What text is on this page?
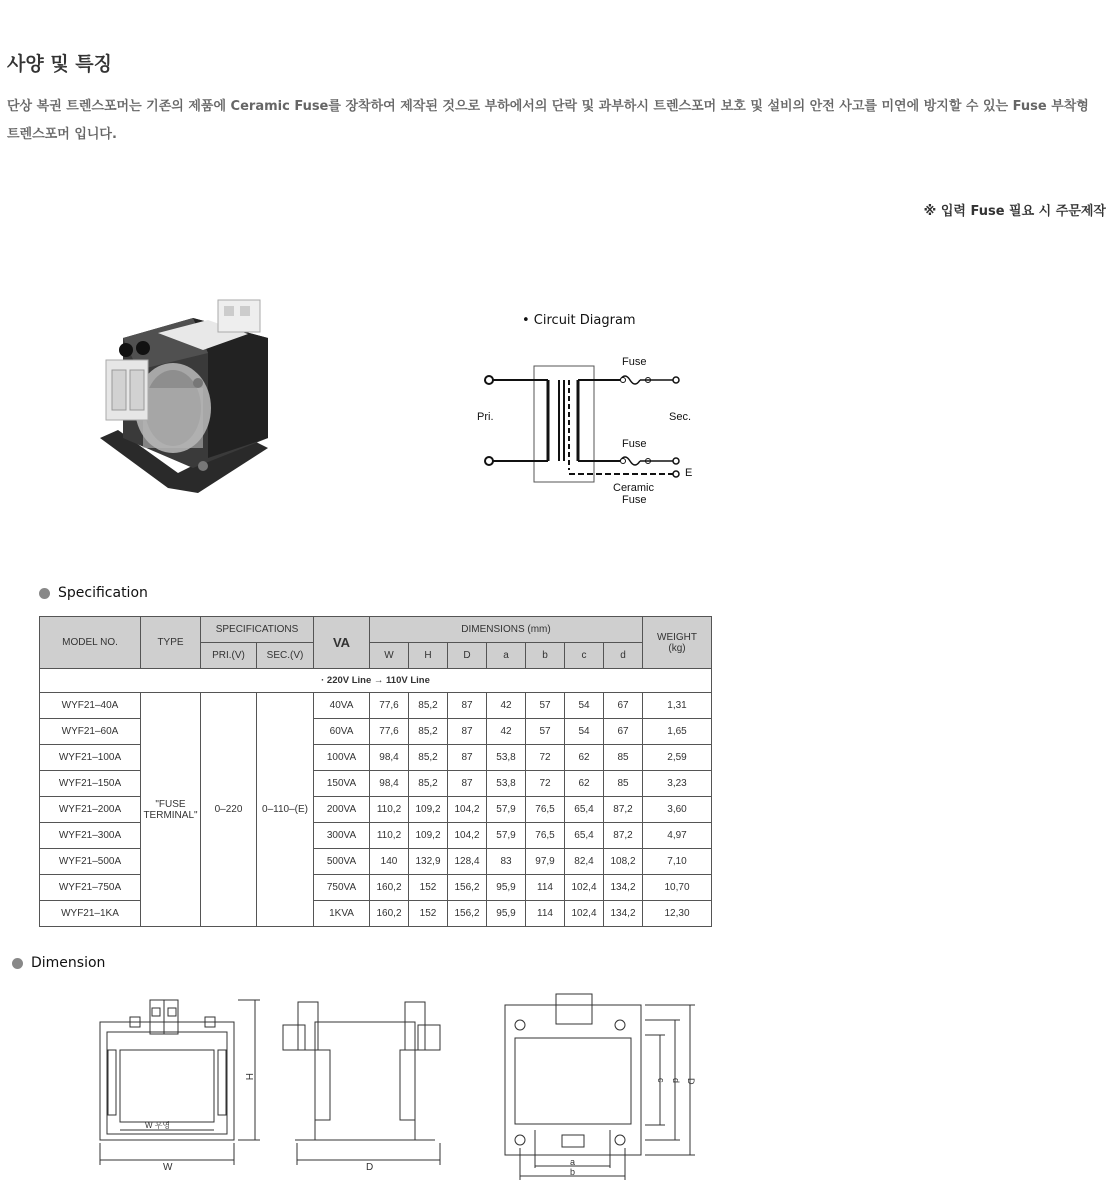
사양 및 특징
단상 복권 트렌스포머는 기존의 제품에 Ceramic Fuse를 장착하여 제작된 것으로 부하에서의 단락 및 과부하시 트렌스포머 보호 및 설비의 안전 사고를 미연에 방지할 수 있는 Fuse 부착형 트렌스포머 입니다.
※ 입력 Fuse 필요 시 주문제작
• Circuit Diagram
Fuse
Fuse
Pri.	Sec.
E
Ceramic
Fuse
Specification
MODEL NO.	TYPE	SPECIFICATIONS		VA	DIMENSIONS (mm)							WEIGHT
(kg)
		PRI.(V)	SEC.(V)		W	H	D	a	b	c	d	
· 220V Line → 110V Line												
WYF21–40A	"FUSE
TERMINAL"	0–220	0–110–(E)	40VA	77,6	85,2	87	42	57	54	67	1,31
WYF21–60A				60VA	77,6	85,2	87	42	57	54	67	1,65
WYF21–100A				100VA	98,4	85,2	87	53,8	72	62	85	2,59
WYF21–150A				150VA	98,4	85,2	87	53,8	72	62	85	3,23
WYF21–200A				200VA	110,2	109,2	104,2	57,9	76,5	65,4	87,2	3,60
WYF21–300A				300VA	110,2	109,2	104,2	57,9	76,5	65,4	87,2	4,97
WYF21–500A				500VA	140	132,9	128,4	83	97,9	82,4	108,2	7,10
WYF21–750A				750VA	160,2	152	156,2	95,9	114	102,4	134,2	10,70
WYF21–1KA				1KVA	160,2	152	156,2	95,9	114	102,4	134,2	12,30
Dimension
W 우영
H
W	D
c d D
a
b
